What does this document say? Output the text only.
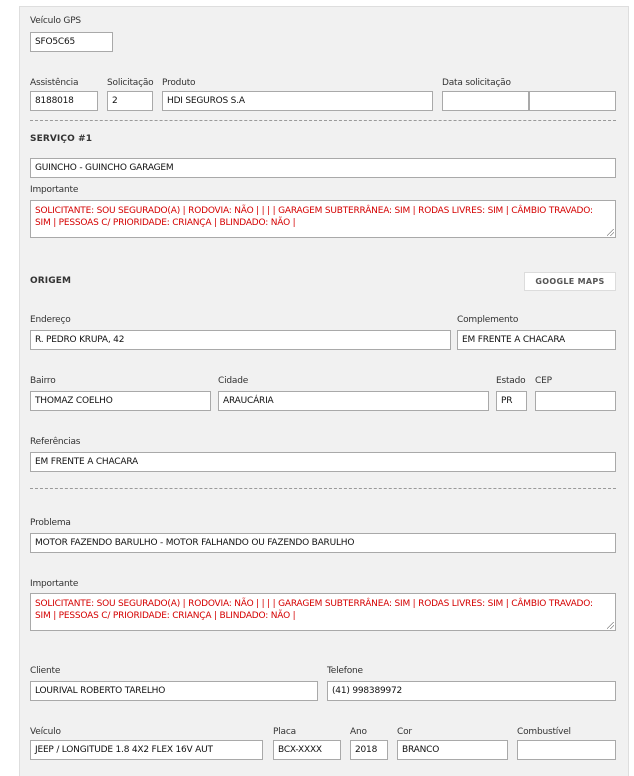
Veículo GPS
SFO5C65
Assistência
8188018
Solicitação
2
Produto
HDI SEGUROS S.A
Data solicitação
SERVIÇO #1
GUINCHO - GUINCHO GARAGEM
Importante
SOLICITANTE: SOU SEGURADO(A) | RODOVIA: NÃO | | | | GARAGEM SUBTERRÂNEA: SIM | RODAS LIVRES: SIM | CÂMBIO TRAVADO: SIM | PESSOAS C/ PRIORIDADE: CRIANÇA | BLINDADO: NÃO |
ORIGEM	GOOGLE MAPS
Endereço
R. PEDRO KRUPA, 42
Complemento
EM FRENTE A CHACARA
Bairro
THOMAZ COELHO
Cidade
ARAUCÁRIA
Estado
PR
CEP
Referências
EM FRENTE A CHACARA
Problema
MOTOR FAZENDO BARULHO - MOTOR FALHANDO OU FAZENDO BARULHO
Importante
SOLICITANTE: SOU SEGURADO(A) | RODOVIA: NÃO | | | | GARAGEM SUBTERRÂNEA: SIM | RODAS LIVRES: SIM | CÂMBIO TRAVADO: SIM | PESSOAS C/ PRIORIDADE: CRIANÇA | BLINDADO: NÃO |
Cliente
LOURIVAL ROBERTO TARELHO
Telefone
(41) 998389972
Veículo
JEEP / LONGITUDE 1.8 4X2 FLEX 16V AUT
Placa
BCX-XXXX
Ano
2018
Cor
BRANCO
Combustível
